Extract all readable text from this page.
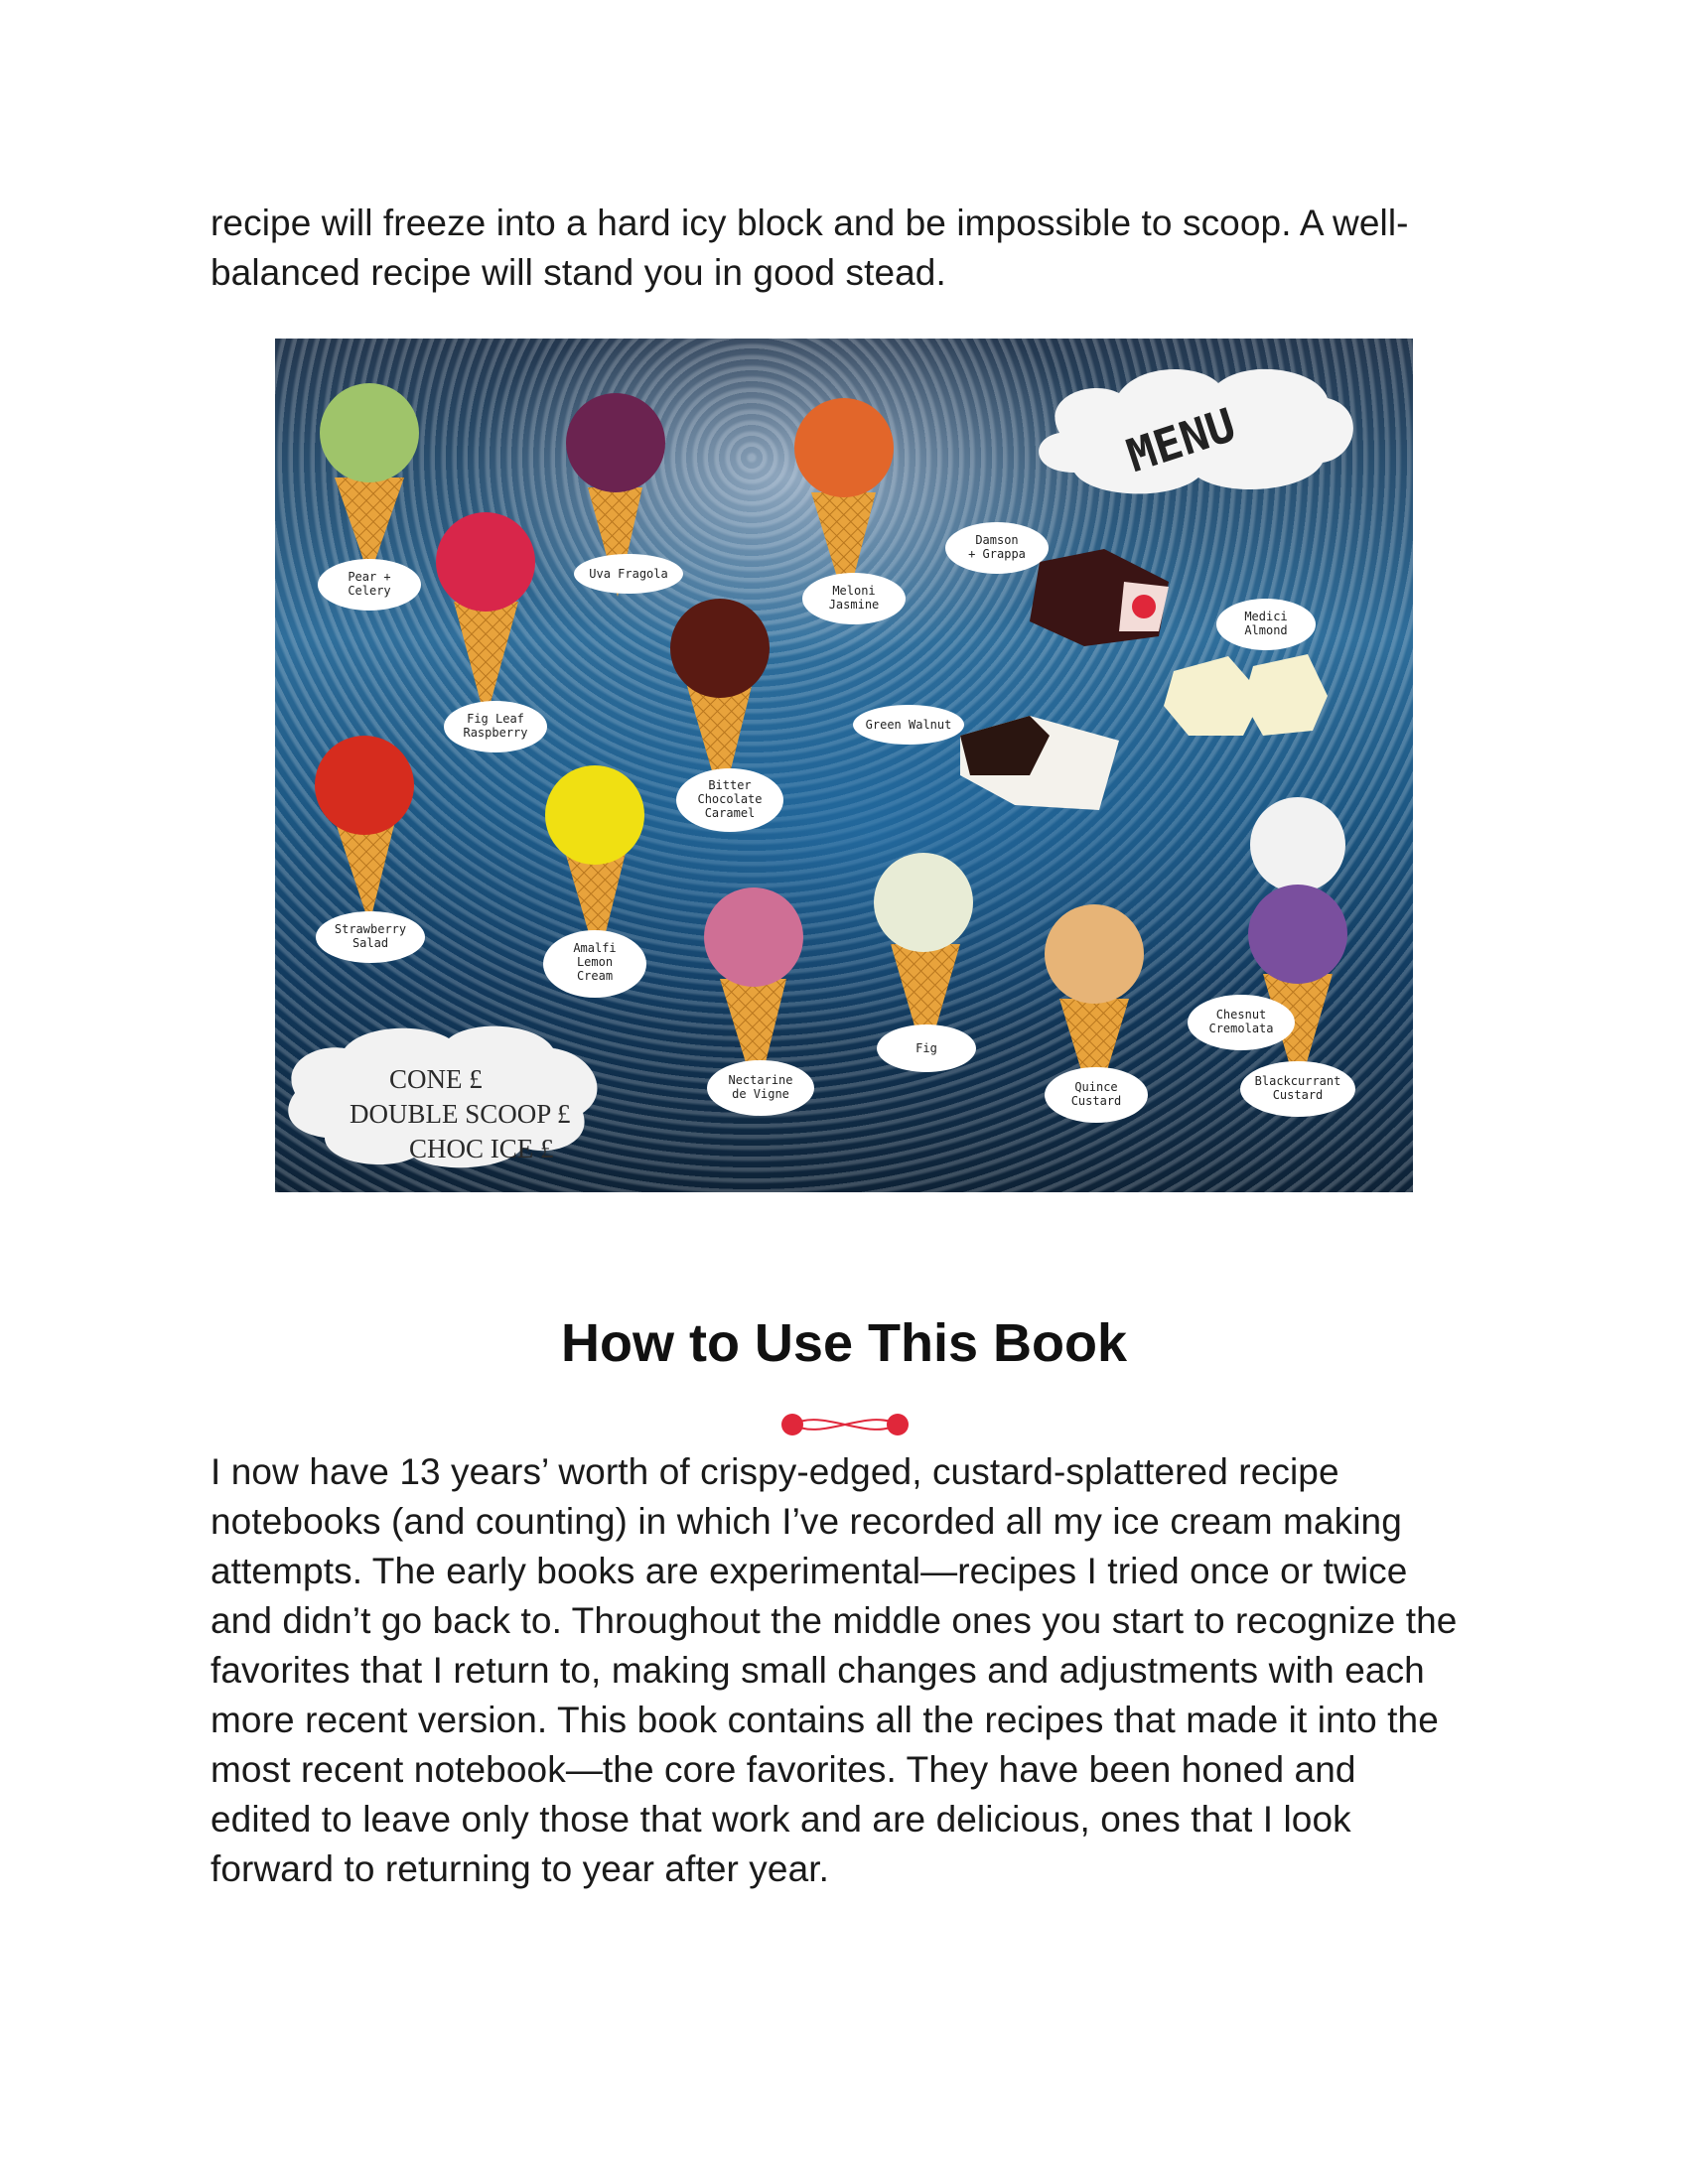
recipe will freeze into a hard icy block and be impossible to scoop. A well-balanced recipe will stand you in good stead.

MENU
CONE £
DOUBLE SCOOP £
CHOC ICE £
Pear +
Celery
Uva Fragola
Meloni
Jasmine
Damson
+ Grappa
Medici
Almond
Fig Leaf
Raspberry
Bitter
Chocolate
Caramel
Green Walnut
Strawberry
Salad	Amalfi
Lemon
Cream
Nectarine
de Vigne
Fig
Quince
Custard
Chesnut
Cremolata
Blackcurrant
Custard
How to Use This Book

I now have 13 years’ worth of crispy-edged, custard-splattered recipe notebooks (and counting) in which I’ve recorded all my ice cream making attempts. The early books are experimental—recipes I tried once or twice and didn’t go back to. Throughout the middle ones you start to recognize the favorites that I return to, making small changes and adjustments with each more recent version. This book contains all the recipes that made it into the most recent notebook—the core favorites. They have been honed and edited to leave only those that work and are delicious, ones that I look forward to returning to year after year.
